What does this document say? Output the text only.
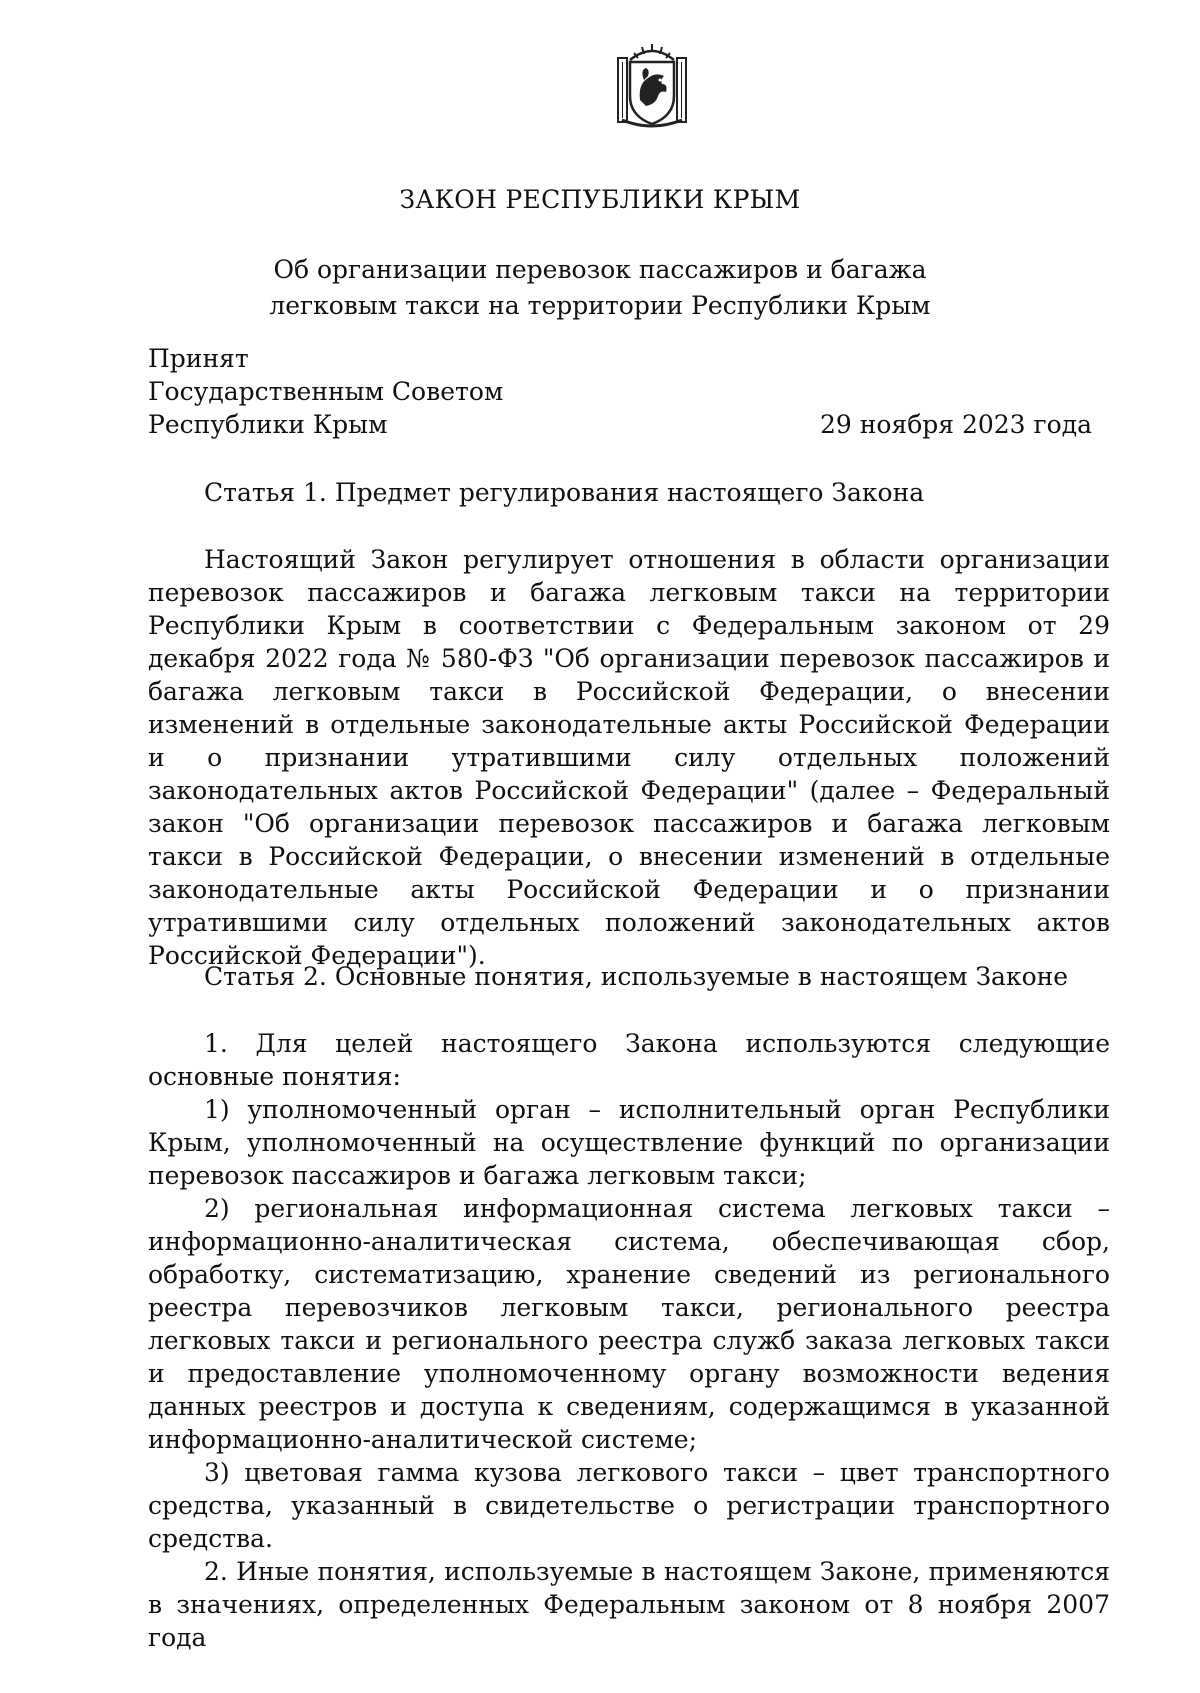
ЗАКОН РЕСПУБЛИКИ КРЫМ
Об организации перевозок пассажиров и багажа
легковым такси на территории Республики Крым
Принят
Государственным Советом
Республики Крым	29 ноября 2023 года
Статья 1. Предмет регулирования настоящего Закона

Настоящий Закон регулирует отношения в области организации перевозок пассажиров и багажа легковым такси на территории Республики Крым в соответствии с Федеральным законом от 29 декабря 2022 года № 580-ФЗ "Об организации перевозок пассажиров и багажа легковым такси в Российской Федерации, о внесении изменений в отдельные законодательные акты Российской Федерации и о признании утратившими силу отдельных положений законодательных актов Российской Федерации" (далее – Федеральный закон "Об организации перевозок пассажиров и багажа легковым такси в Российской Федерации, о внесении изменений в отдельные законодательные акты Российской Федерации и о признании утратившими силу отдельных положений законодательных актов Российской Федерации").

Статья 2. Основные понятия, используемые в настоящем Законе

1. Для целей настоящего Закона используются следующие основные понятия:

1) уполномоченный орган – исполнительный орган Республики Крым, уполномоченный на осуществление функций по организации перевозок пассажиров и багажа легковым такси;

2) региональная информационная система легковых такси – информационно-аналитическая система, обеспечивающая сбор, обработку, систематизацию, хранение сведений из регионального реестра перевозчиков легковым такси, регионального реестра легковых такси и регионального реестра служб заказа легковых такси и предоставление уполномоченному органу возможности ведения данных реестров и доступа к сведениям, содержащимся в указанной информационно-аналитической системе;

3) цветовая гамма кузова легкового такси – цвет транспортного средства, указанный в свидетельстве о регистрации транспортного средства.

2. Иные понятия, используемые в настоящем Законе, применяются в значениях, определенных Федеральным законом от 8 ноября 2007 года
